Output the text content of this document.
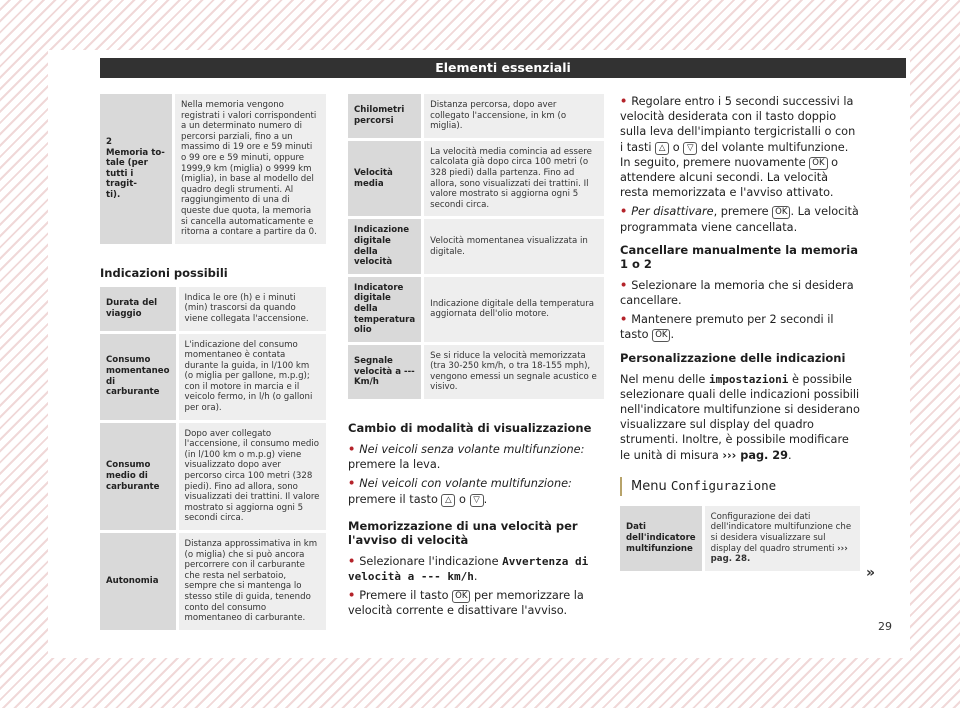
Elementi essenziali
2
Memoria to-
tale (per
tutti i tragit-
ti).	Nella memoria vengono registrati i valori corrispondenti a un determinato numero di percorsi parziali, fino a un massimo di 19 ore e 59 minuti o 99 ore e 59 minuti, oppure 1999,9 km (miglia) o 9999 km (miglia), in base al modello del quadro degli strumenti. Al raggiungimento di una di queste due quota, la memoria si cancella automaticamente e ritorna a contare a partire da 0.
Indicazioni possibili
Durata del viaggio	Indica le ore (h) e i minuti (min) trascorsi da quando viene collegata l'accensione.
Consumo momentaneo di carburante	L'indicazione del consumo momentaneo è contata durante la guida, in l/100 km (o miglia per gallone, m.p.g); con il motore in marcia e il veicolo fermo, in l/h (o galloni per ora).
Consumo medio di carburante	Dopo aver collegato l'accensione, il consumo medio (in l/100 km o m.p.g) viene visualizzato dopo aver percorso circa 100 metri (328 piedi). Fino ad allora, sono visualizzati dei trattini. Il valore mostrato si aggiorna ogni 5 secondi circa.
Autonomia	Distanza approssimativa in km (o miglia) che si può ancora percorrere con il carburante che resta nel serbatoio, sempre che si mantenga lo stesso stile di guida, tenendo conto del consumo momentaneo di carburante.
Chilometri percorsi	Distanza percorsa, dopo aver collegato l'accensione, in km (o miglia).
Velocità media	La velocità media comincia ad essere calcolata già dopo circa 100 metri (o 328 piedi) dalla partenza. Fino ad allora, sono visualizzati dei trattini. Il valore mostrato si aggiorna ogni 5 secondi circa.
Indicazione digitale della velocità	Velocità momentanea visualizzata in digitale.
Indicatore digitale della temperatura olio	Indicazione digitale della temperatura aggiornata dell'olio motore.
Segnale velocità a --- Km/h	Se si riduce la velocità memorizzata (tra 30-250 km/h, o tra 18-155 mph), vengono emessi un segnale acustico e visivo.
Cambio di modalità di visualizzazione

• Nei veicoli senza volante multifunzione: premere la leva.

• Nei veicoli con volante multifunzione: premere il tasto △ o ▽ .

Memorizzazione di una velocità per l'avviso di velocità

• Selezionare l'indicazione Avvertenza di velocità a --- km/h.

• Premere il tasto OK per memorizzare la velocità corrente e disattivare l'avviso.

• Regolare entro i 5 secondi successivi la velocità desiderata con il tasto doppio sulla leva dell'impianto tergicristalli o con i tasti △ o ▽ del volante multifunzione. In seguito, premere nuovamente OK o attendere alcuni secondi. La velocità resta memorizzata e l'avviso attivato.

• Per disattivare, premere OK . La velocità programmata viene cancellata.

Cancellare manualmente la memoria 1 o 2

• Selezionare la memoria che si desidera cancellare.

• Mantenere premuto per 2 secondi il tasto OK .

Personalizzazione delle indicazioni

Nel menu delle impostazioni è possibile selezionare quali delle indicazioni possibili nell'indicatore multifunzione si desiderano visualizzare sul display del quadro strumenti. Inoltre, è possibile modificare le unità di misura ››› pag. 29.

Menu Configurazione
Dati dell'indicatore multifunzione	Configurazione dei dati dell'indicatore multifunzione che si desidera visualizzare sul display del quadro strumenti ››› pag. 28.
»
29
